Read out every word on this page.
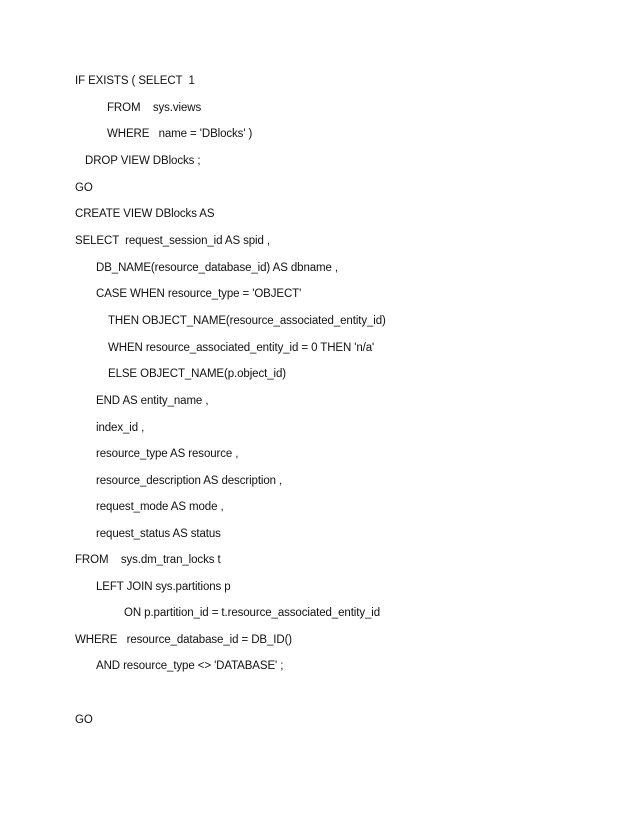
IF EXISTS ( SELECT  1
FROM    sys.views
WHERE   name = 'DBlocks' )
DROP VIEW DBlocks ;
GO
CREATE VIEW DBlocks AS
SELECT  request_session_id AS spid ,
DB_NAME(resource_database_id) AS dbname ,
CASE WHEN resource_type = 'OBJECT'
THEN OBJECT_NAME(resource_associated_entity_id)
WHEN resource_associated_entity_id = 0 THEN 'n/a'
ELSE OBJECT_NAME(p.object_id)
END AS entity_name ,
index_id ,
resource_type AS resource ,
resource_description AS description ,
request_mode AS mode ,
request_status AS status
FROM    sys.dm_tran_locks t
LEFT JOIN sys.partitions p
ON p.partition_id = t.resource_associated_entity_id
WHERE   resource_database_id = DB_ID()
AND resource_type <> 'DATABASE' ;
GO
